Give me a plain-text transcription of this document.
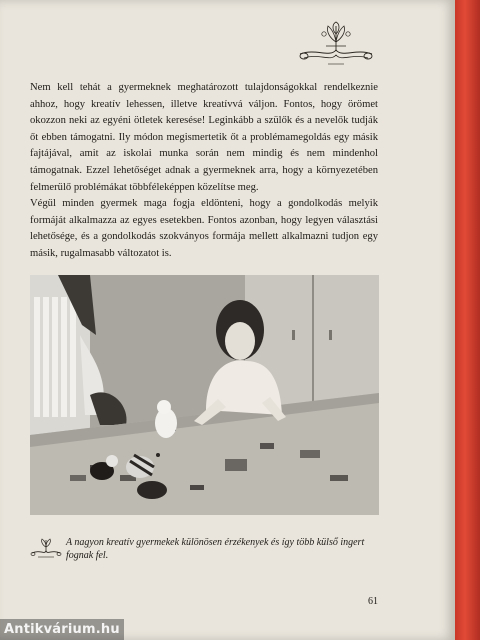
Nem kell tehát a gyermeknek meghatározott tulajdonságokkal rendelkeznie ahhoz, hogy kreatív lehessen, illetve kreatívvá váljon. Fontos, hogy örömet okozzon neki az egyéni ötletek keresése! Leginkább a szülők és a nevelők tudják őt ebben támogatni. Ily módon megismertetik őt a problémamegoldás egy másik fajtájával, amit az iskolai munka során nem mindig és nem mindenhol támogatnak. Ezzel lehetőséget adnak a gyermeknek arra, hogy a környezetében felmerülő problémákat többféleképpen közelítse meg.

Végül minden gyermek maga fogja eldönteni, hogy a gondolkodás melyik formáját alkalmazza az egyes esetekben. Fontos azonban, hogy legyen választási lehetősége, és a gondolkodás szokványos formája mellett alkalmazni tudjon egy másik, rugalmasabb változatot is.

A nagyon kreatív gyermekek különösen érzékenyek és így több külső ingert fognak fel.
61
Antikvárium.hu
